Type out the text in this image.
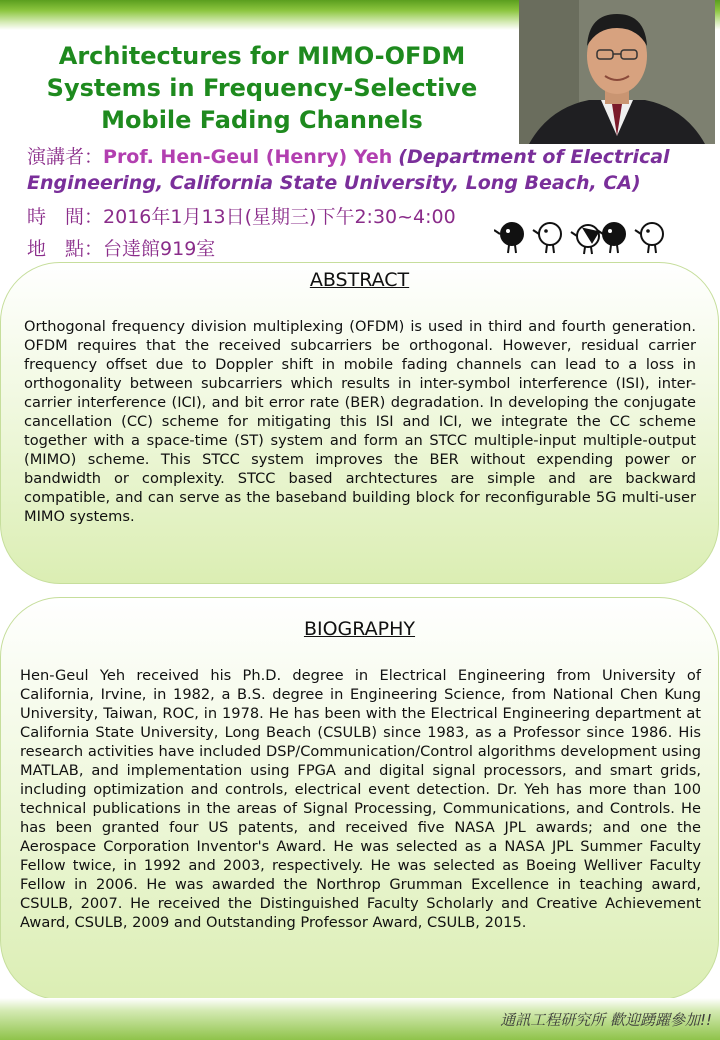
Architectures for MIMO-OFDM Systems in Frequency-Selective Mobile Fading Channels
演講者：Prof. Hen-Geul (Henry) Yeh (Department of Electrical Engineering, California State University, Long Beach, CA)
時　間：2016年1月13日(星期三)下午2:30~4:00
地　點：台達館919室
ABSTRACT
Orthogonal frequency division multiplexing (OFDM) is used in third and fourth generation. OFDM requires that the received subcarriers be orthogonal. However, residual carrier frequency offset due to Doppler shift in mobile fading channels can lead to a loss in orthogonality between subcarriers which results in inter-symbol interference (ISI), inter-carrier interference (ICI), and bit error rate (BER) degradation. In developing the conjugate cancellation (CC) scheme for mitigating this ISI and ICI, we integrate the CC scheme together with a space-time (ST) system and form an STCC multiple-input multiple-output (MIMO) scheme. This STCC system improves the BER without expending power or bandwidth or complexity. STCC based archtectures are simple and are backward compatible, and can serve as the baseband building block for reconfigurable 5G multi-user MIMO systems.
BIOGRAPHY
Hen-Geul Yeh received his Ph.D. degree in Electrical Engineering from University of California, Irvine, in 1982, a B.S. degree in Engineering Science, from National Chen Kung University, Taiwan, ROC, in 1978. He has been with the Electrical Engineering department at California State University, Long Beach (CSULB) since 1983, as a Professor since 1986. His research activities have included DSP/Communication/Control algorithms development using MATLAB, and implementation using FPGA and digital signal processors, and smart grids, including optimization and controls, electrical event detection. Dr. Yeh has more than 100 technical publications in the areas of Signal Processing, Communications, and Controls. He has been granted four US patents, and received five NASA JPL awards; and one the Aerospace Corporation Inventor's Award. He was selected as a NASA JPL Summer Faculty Fellow twice, in 1992 and 2003, respectively. He was selected as Boeing Welliver Faculty Fellow in 2006. He was awarded the Northrop Grumman Excellence in teaching award, CSULB, 2007. He received the Distinguished Faculty Scholarly and Creative Achievement Award, CSULB, 2009 and Outstanding Professor Award, CSULB, 2015.
通訊工程研究所 歡迎踴躍參加!!
